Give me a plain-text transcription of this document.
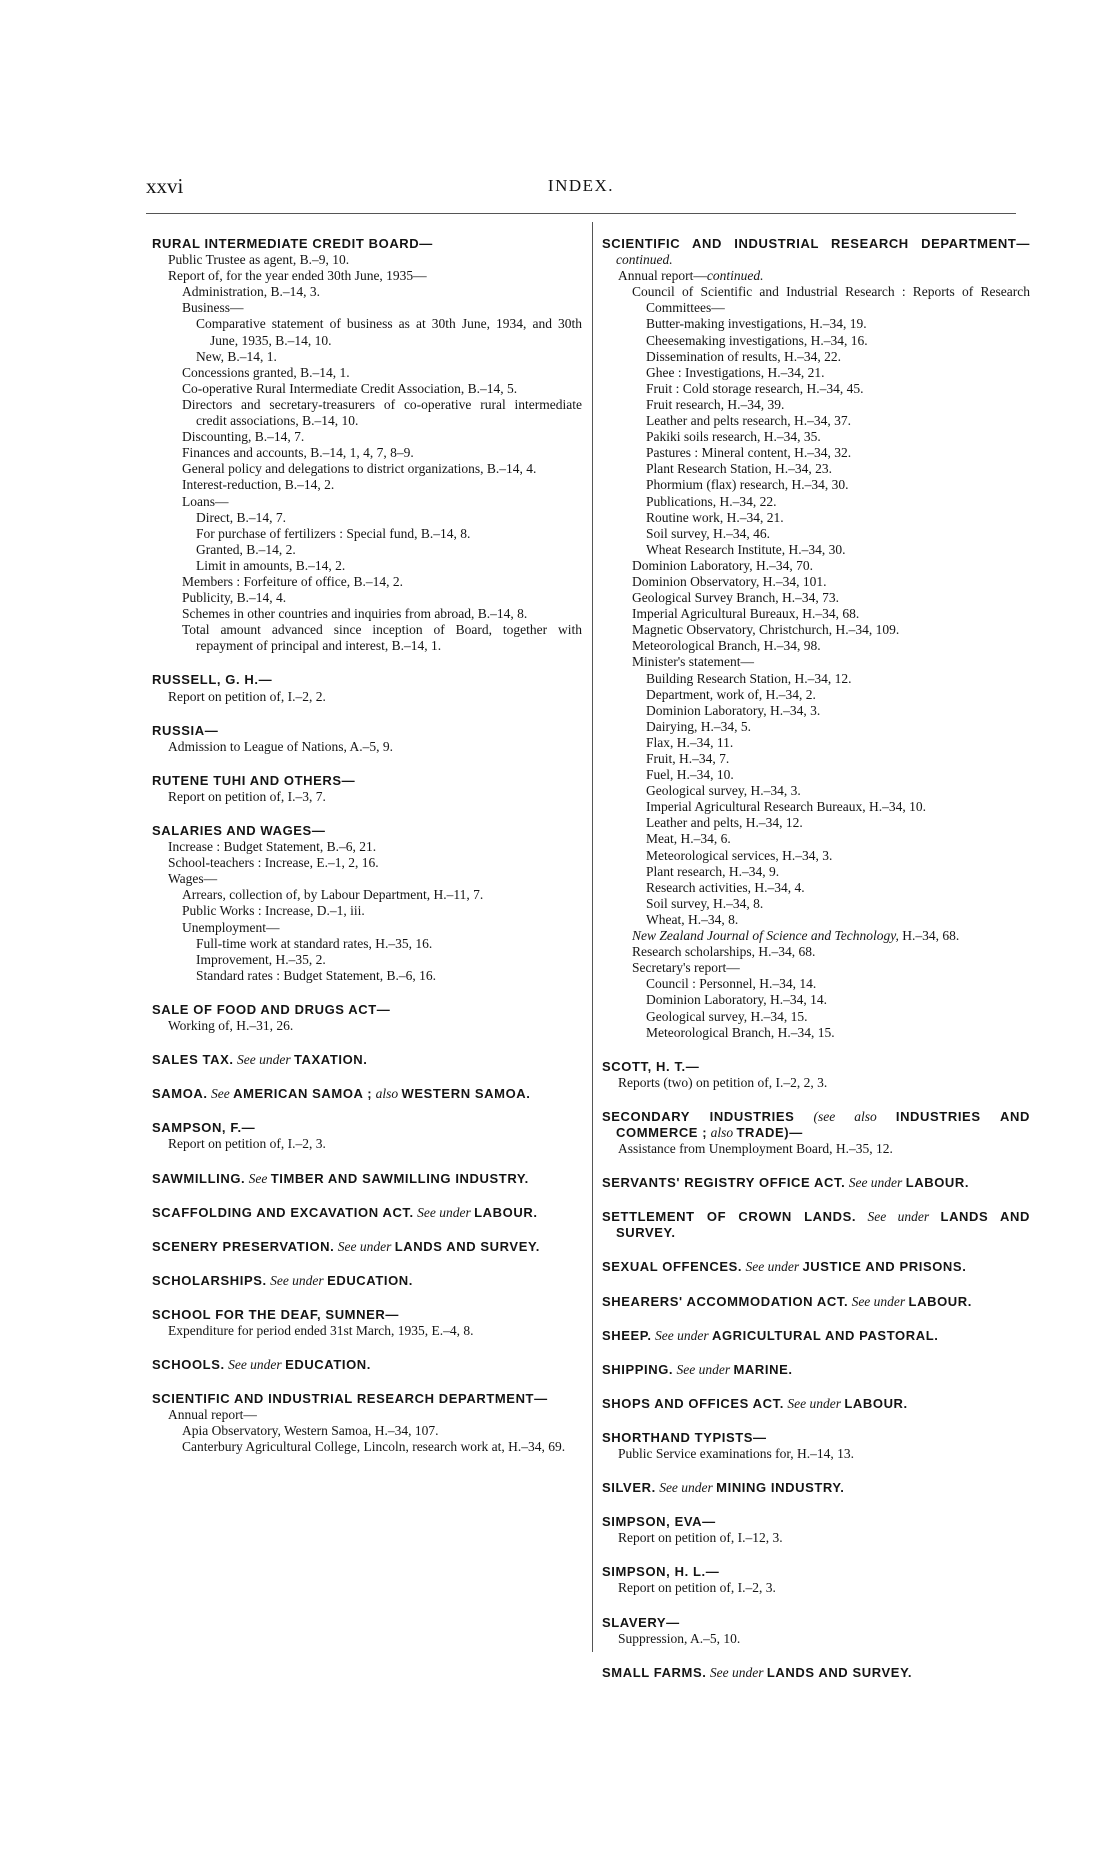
xxvi	INDEX.
RURAL INTERMEDIATE CREDIT BOARD—
Public Trustee as agent, B.–9, 10.
Report of, for the year ended 30th June, 1935—
Administration, B.–14, 3.
Business—
Comparative statement of business as at 30th June, 1934, and 30th June, 1935, B.–14, 10.
New, B.–14, 1.
Concessions granted, B.–14, 1.
Co-operative Rural Intermediate Credit Association, B.–14, 5.
Directors and secretary-treasurers of co-operative rural intermediate credit associations, B.–14, 10.
Discounting, B.–14, 7.
Finances and accounts, B.–14, 1, 4, 7, 8–9.
General policy and delegations to district organizations, B.–14, 4.
Interest-reduction, B.–14, 2.
Loans—
Direct, B.–14, 7.
For purchase of fertilizers : Special fund, B.–14, 8.
Granted, B.–14, 2.
Limit in amounts, B.–14, 2.
Members : Forfeiture of office, B.–14, 2.
Publicity, B.–14, 4.
Schemes in other countries and inquiries from abroad, B.–14, 8.
Total amount advanced since inception of Board, together with repayment of principal and interest, B.–14, 1.
RUSSELL, G. H.—
Report on petition of, I.–2, 2.
RUSSIA—
Admission to League of Nations, A.–5, 9.
RUTENE TUHI AND OTHERS—
Report on petition of, I.–3, 7.
SALARIES AND WAGES—
Increase : Budget Statement, B.–6, 21.
School-teachers : Increase, E.–1, 2, 16.
Wages—
Arrears, collection of, by Labour Department, H.–11, 7.
Public Works : Increase, D.–1, iii.
Unemployment—
Full-time work at standard rates, H.–35, 16.
Improvement, H.–35, 2.
Standard rates : Budget Statement, B.–6, 16.
SALE OF FOOD AND DRUGS ACT—
Working of, H.–31, 26.
SALES TAX. See under TAXATION.
SAMOA. See AMERICAN SAMOA ; also WESTERN SAMOA.
SAMPSON, F.—
Report on petition of, I.–2, 3.
SAWMILLING. See TIMBER AND SAWMILLING INDUSTRY.
SCAFFOLDING AND EXCAVATION ACT. See under LABOUR.
SCENERY PRESERVATION. See under LANDS AND SURVEY.
SCHOLARSHIPS. See under EDUCATION.
SCHOOL FOR THE DEAF, SUMNER—
Expenditure for period ended 31st March, 1935, E.–4, 8.
SCHOOLS. See under EDUCATION.
SCIENTIFIC AND INDUSTRIAL RESEARCH DEPARTMENT—
Annual report—
Apia Observatory, Western Samoa, H.–34, 107.
Canterbury Agricultural College, Lincoln, research work at, H.–34, 69.
SCIENTIFIC AND INDUSTRIAL RESEARCH DEPARTMENT—continued.
Annual report—continued.
Council of Scientific and Industrial Research : Reports of Research Committees—
Butter-making investigations, H.–34, 19.
Cheesemaking investigations, H.–34, 16.
Dissemination of results, H.–34, 22.
Ghee : Investigations, H.–34, 21.
Fruit : Cold storage research, H.–34, 45.
Fruit research, H.–34, 39.
Leather and pelts research, H.–34, 37.
Pakiki soils research, H.–34, 35.
Pastures : Mineral content, H.–34, 32.
Plant Research Station, H.–34, 23.
Phormium (flax) research, H.–34, 30.
Publications, H.–34, 22.
Routine work, H.–34, 21.
Soil survey, H.–34, 46.
Wheat Research Institute, H.–34, 30.
Dominion Laboratory, H.–34, 70.
Dominion Observatory, H.–34, 101.
Geological Survey Branch, H.–34, 73.
Imperial Agricultural Bureaux, H.–34, 68.
Magnetic Observatory, Christchurch, H.–34, 109.
Meteorological Branch, H.–34, 98.
Minister's statement—
Building Research Station, H.–34, 12.
Department, work of, H.–34, 2.
Dominion Laboratory, H.–34, 3.
Dairying, H.–34, 5.
Flax, H.–34, 11.
Fruit, H.–34, 7.
Fuel, H.–34, 10.
Geological survey, H.–34, 3.
Imperial Agricultural Research Bureaux, H.–34, 10.
Leather and pelts, H.–34, 12.
Meat, H.–34, 6.
Meteorological services, H.–34, 3.
Plant research, H.–34, 9.
Research activities, H.–34, 4.
Soil survey, H.–34, 8.
Wheat, H.–34, 8.
New Zealand Journal of Science and Technology, H.–34, 68.
Research scholarships, H.–34, 68.
Secretary's report—
Council : Personnel, H.–34, 14.
Dominion Laboratory, H.–34, 14.
Geological survey, H.–34, 15.
Meteorological Branch, H.–34, 15.
SCOTT, H. T.—
Reports (two) on petition of, I.–2, 2, 3.
SECONDARY INDUSTRIES (see also INDUSTRIES AND COMMERCE ; also TRADE)—
Assistance from Unemployment Board, H.–35, 12.
SERVANTS' REGISTRY OFFICE ACT. See under LABOUR.
SETTLEMENT OF CROWN LANDS. See under LANDS AND SURVEY.
SEXUAL OFFENCES. See under JUSTICE AND PRISONS.
SHEARERS' ACCOMMODATION ACT. See under LABOUR.
SHEEP. See under AGRICULTURAL AND PASTORAL.
SHIPPING. See under MARINE.
SHOPS AND OFFICES ACT. See under LABOUR.
SHORTHAND TYPISTS—
Public Service examinations for, H.–14, 13.
SILVER. See under MINING INDUSTRY.
SIMPSON, EVA—
Report on petition of, I.–12, 3.
SIMPSON, H. L.—
Report on petition of, I.–2, 3.
SLAVERY—
Suppression, A.–5, 10.
SMALL FARMS. See under LANDS AND SURVEY.
